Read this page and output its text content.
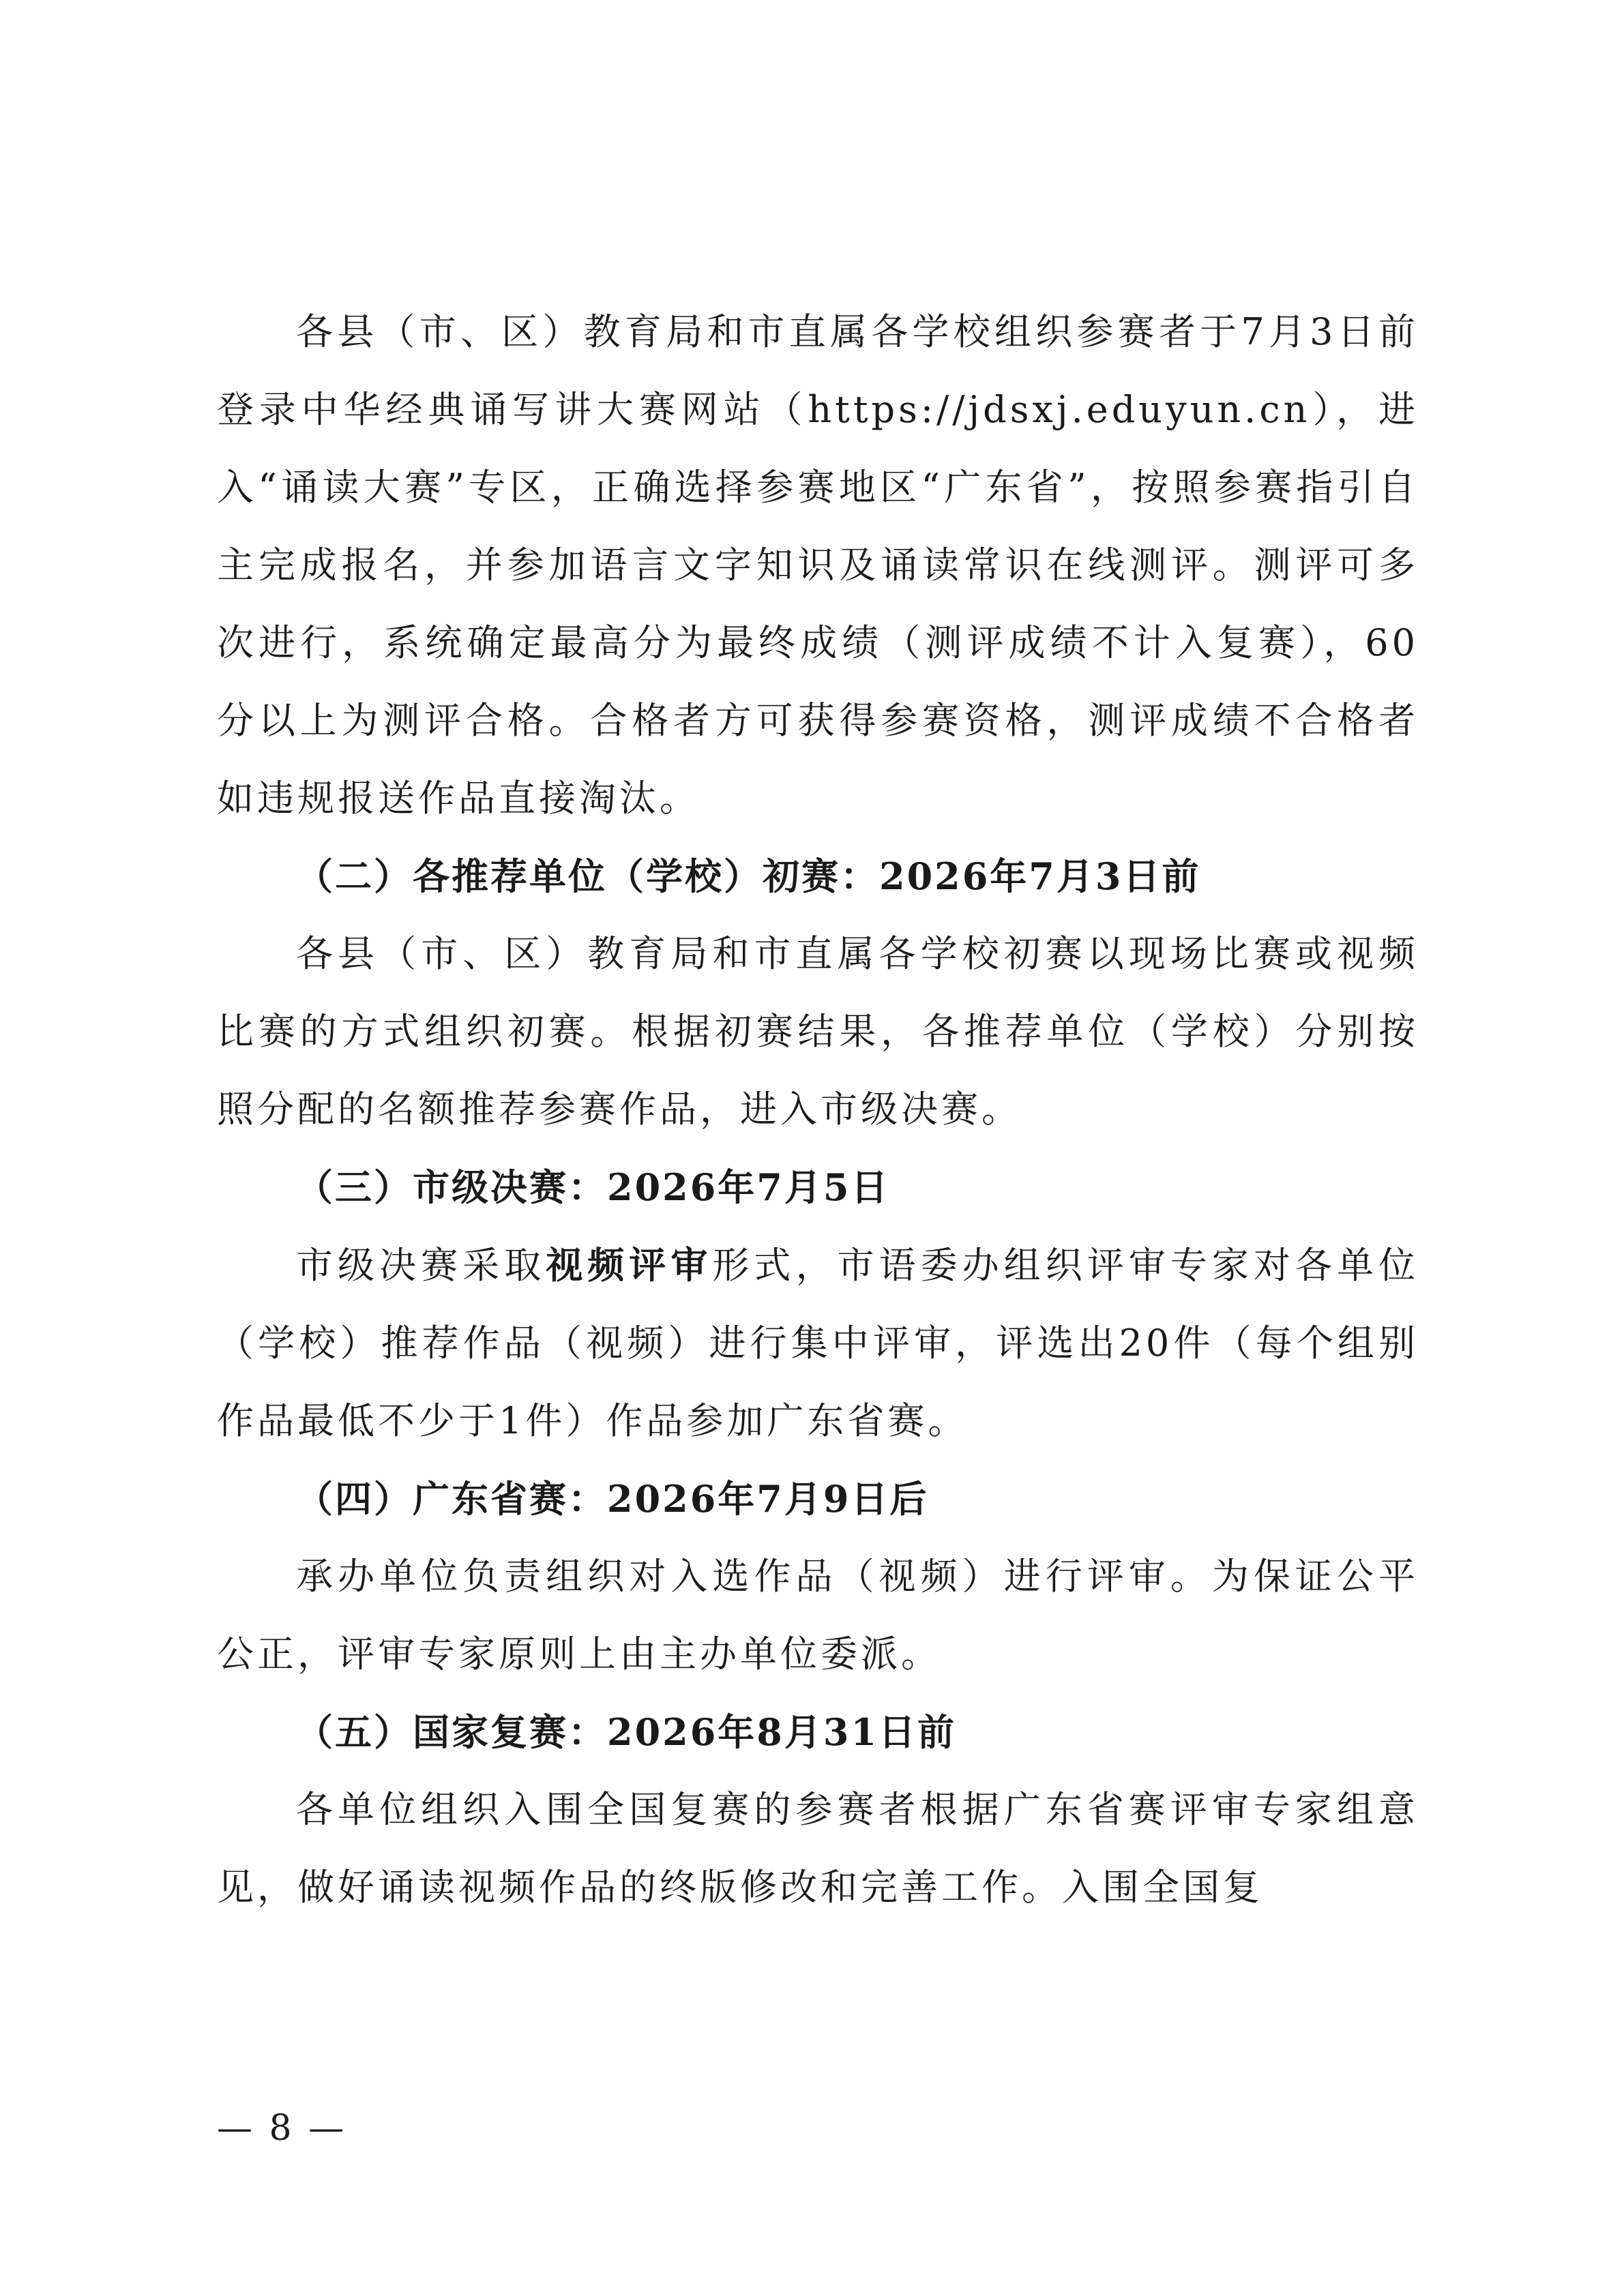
各县（市、区）教育局和市直属各学校组织参赛者于7月3日前登录中华经典诵写讲大赛网站（https://jdsxj.eduyun.cn），进入“诵读大赛”专区，正确选择参赛地区“广东省”，按照参赛指引自主完成报名，并参加语言文字知识及诵读常识在线测评。测评可多次进行，系统确定最高分为最终成绩（测评成绩不计入复赛），60分以上为测评合格。合格者方可获得参赛资格，测评成绩不合格者如违规报送作品直接淘汰。

（二）各推荐单位（学校）初赛：2026年7月3日前

各县（市、区）教育局和市直属各学校初赛以现场比赛或视频比赛的方式组织初赛。根据初赛结果，各推荐单位（学校）分别按照分配的名额推荐参赛作品，进入市级决赛。

（三）市级决赛：2026年7月5日

市级决赛采取视频评审形式，市语委办组织评审专家对各单位（学校）推荐作品（视频）进行集中评审，评选出20件（每个组别作品最低不少于1件）作品参加广东省赛。

（四）广东省赛：2026年7月9日后

承办单位负责组织对入选作品（视频）进行评审。为保证公平公正，评审专家原则上由主办单位委派。

（五）国家复赛：2026年8月31日前

各单位组织入围全国复赛的参赛者根据广东省赛评审专家组意见，做好诵读视频作品的终版修改和完善工作。入围全国复

— 8 —
